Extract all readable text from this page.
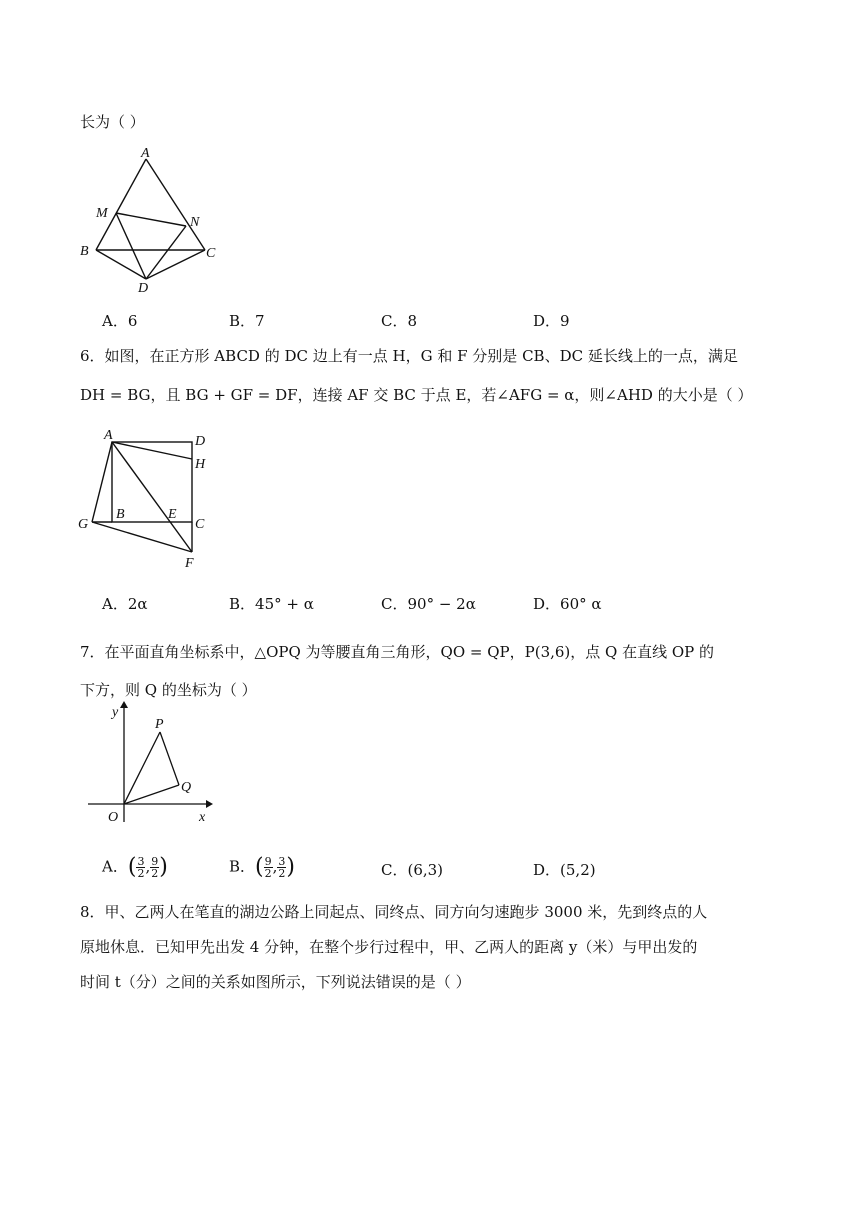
长为（ ）
A
M
N
B	C
D
A．6	B．7	C．8	D．9
6．如图，在正方形 ABCD 的 DC 边上有一点 H，G 和 F 分别是 CB、DC 延长线上的一点，满足
DH = BG，且 BG + GF = DF，连接 AF 交 BC 于点 E，若∠AFG = α，则∠AHD 的大小是（ ）
A	D
H
G
B	E
C
F
A．2α	B．45° + α	C．90° − 2α	D．60° α
7．在平面直角坐标系中，△OPQ 为等腰直角三角形，QO = QP，P(3,6)，点 Q 在直线 OP 的
下方，则 Q 的坐标为（ ）
y
P
Q
O	x
A．( $\frac{3}{2}$ , $\frac{9}{2}$ )	B．( $\frac{9}{2}$ , $\frac{3}{2}$ )	C．(6,3)	D．(5,2)
8．甲、乙两人在笔直的湖边公路上同起点、同终点、同方向匀速跑步 3000 米，先到终点的人
原地休息．已知甲先出发 4 分钟，在整个步行过程中，甲、乙两人的距离 y（米）与甲出发的
时间 t（分）之间的关系如图所示，下列说法错误的是（ ）
